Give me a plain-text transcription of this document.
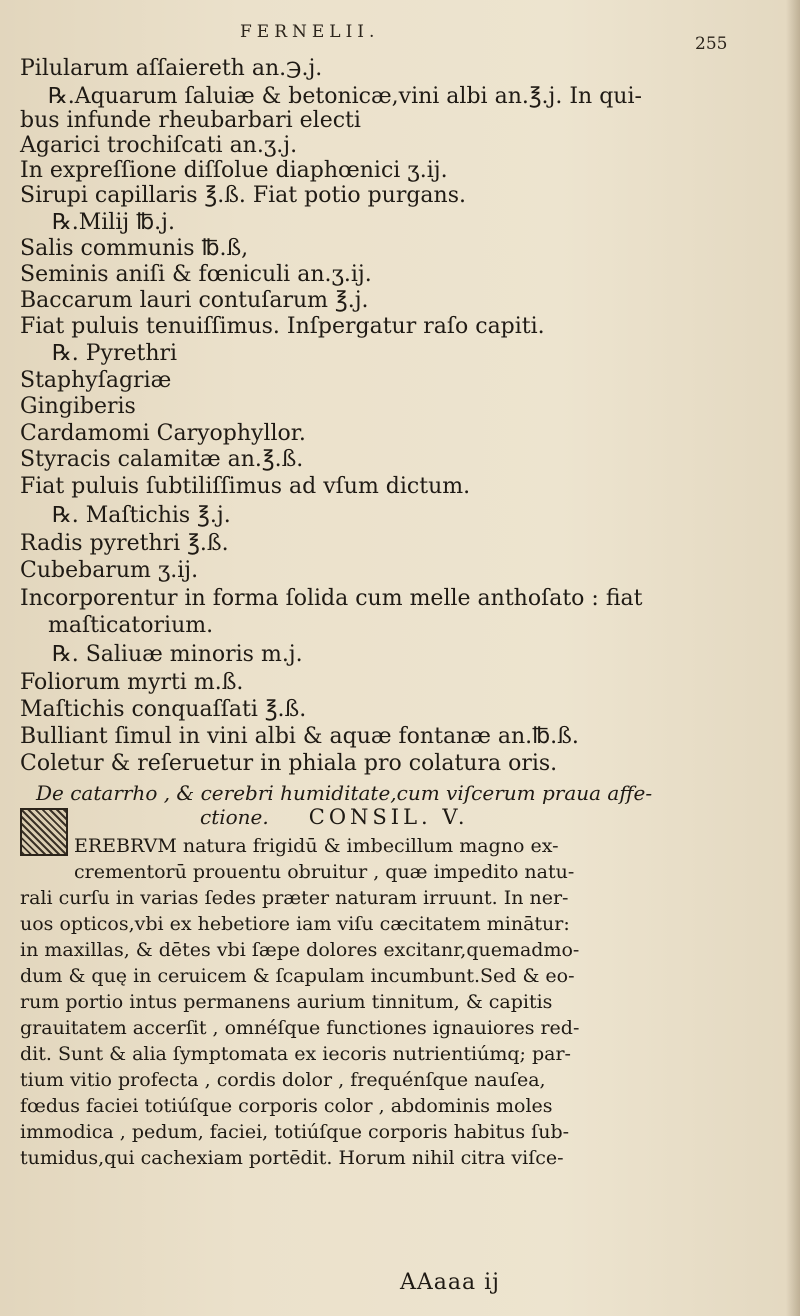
FERNELII.
255
Pilularum aſſaiereth an.℈.j.
℞.Aquarum ſaluiæ & betonicæ,vini albi an.℥.j. In qui-
bus infunde rheubarbari electi
Agarici trochiſcati an.ʒ.j.
In expreſſione diſſolue diaphœnici ʒ.ij.
Sirupi capillaris ℥.ß. Fiat potio purgans.
℞.Milij ℔.j.
Salis communis ℔.ß,
Seminis aniſi & fœniculi an.ʒ.ij.
Baccarum lauri contuſarum ℥.j.
Fiat puluis tenuiſſimus. Inſpergatur raſo capiti.
℞. Pyrethri
Staphyſagriæ
Gingiberis
Cardamomi Caryophyllor.
Styracis calamitæ an.℥.ß.
Fiat puluis ſubtiliſſimus ad vſum dictum.
℞. Maſtichis ℥.j.
Radis pyrethri ℥.ß.
Cubebarum ʒ.ij.
Incorporentur in forma ſolida cum melle anthoſato : fiat
maſticatorium.
℞. Saliuæ minoris m.j.
Foliorum myrti m.ß.
Maſtichis conquaſſati ℥.ß.
Bulliant ſimul in vini albi & aquæ fontanæ an.℔.ß.
Coletur & reſeruetur in phiala pro colatura oris.
De catarrho , & cerebri humiditate,cum viſcerum praua affe-
ctione. CONSIL. V.
EREBRVM natura frigidū & imbecillum magno ex-
crementorū prouentu obruitur , quæ impedito natu-
rali curſu in varias ſedes præter naturam irruunt. In ner-
uos opticos,vbi ex hebetiore iam viſu cæcitatem minātur:
in maxillas, & dētes vbi ſæpe dolores excitanr,quemadmo-
dum & quę in ceruicem & ſcapulam incumbunt.Sed & eo-
rum portio intus permanens aurium tinnitum, & capitis
grauitatem accerſit , omnéſque functiones ignauiores red-
dit. Sunt & alia ſymptomata ex iecoris nutrientiúmq; par-
tium vitio profecta , cordis dolor , frequénſque nauſea,
fœdus faciei totiúſque corporis color , abdominis moles
immodica , pedum, faciei, totiúſque corporis habitus ſub-
tumidus,qui cachexiam portēdit. Horum nihil citra viſce-
AAaaa ij
